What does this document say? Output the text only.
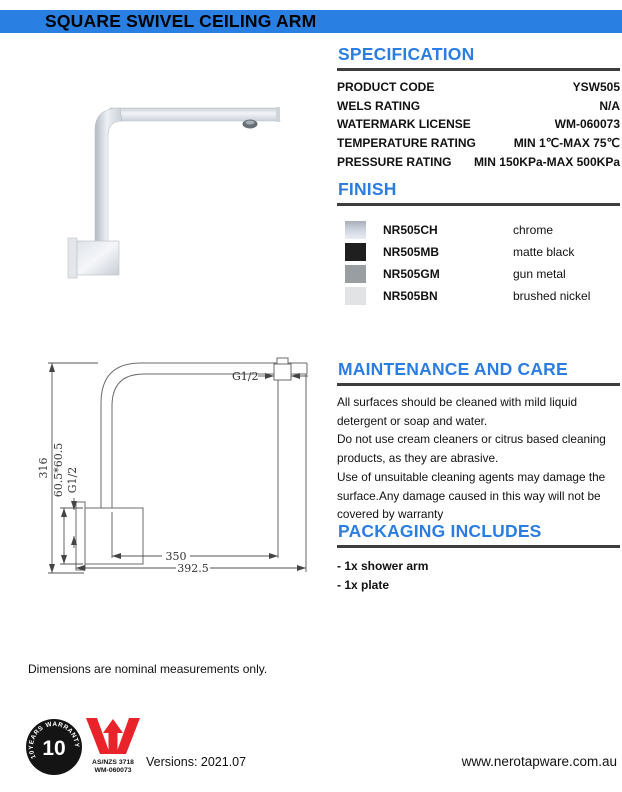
SQUARE SWIVEL CEILING ARM
G1/2
316 60.5*60.5 G1/2
350
392.5
SPECIFICATION
PRODUCT CODE	YSW505
WELS RATING	N/A
WATERMARK LICENSE	WM-060073
TEMPERATURE RATING	MIN 1℃-MAX 75℃
PRESSURE RATING MIN 150KPa-MAX 500KPa
FINISH
NR505CH	chrome
NR505MB	matte black
NR505GM	gun metal
NR505BN	brushed nickel
MAINTENANCE AND CARE
All surfaces should be cleaned with mild liquid
detergent or soap and water.
Do not use cream cleaners or citrus based cleaning
products, as they are abrasive.
Use of unsuitable cleaning agents may damage the
surface.Any damage caused in this way will not be
covered by warranty
PACKAGING INCLUDES
- 1x shower arm
- 1x plate
Dimensions are nominal measurements only.
10YEARS WARRANTY
10
AS/NZS 3718
WM-060073
Versions: 2021.07	www.nerotapware.com.au
